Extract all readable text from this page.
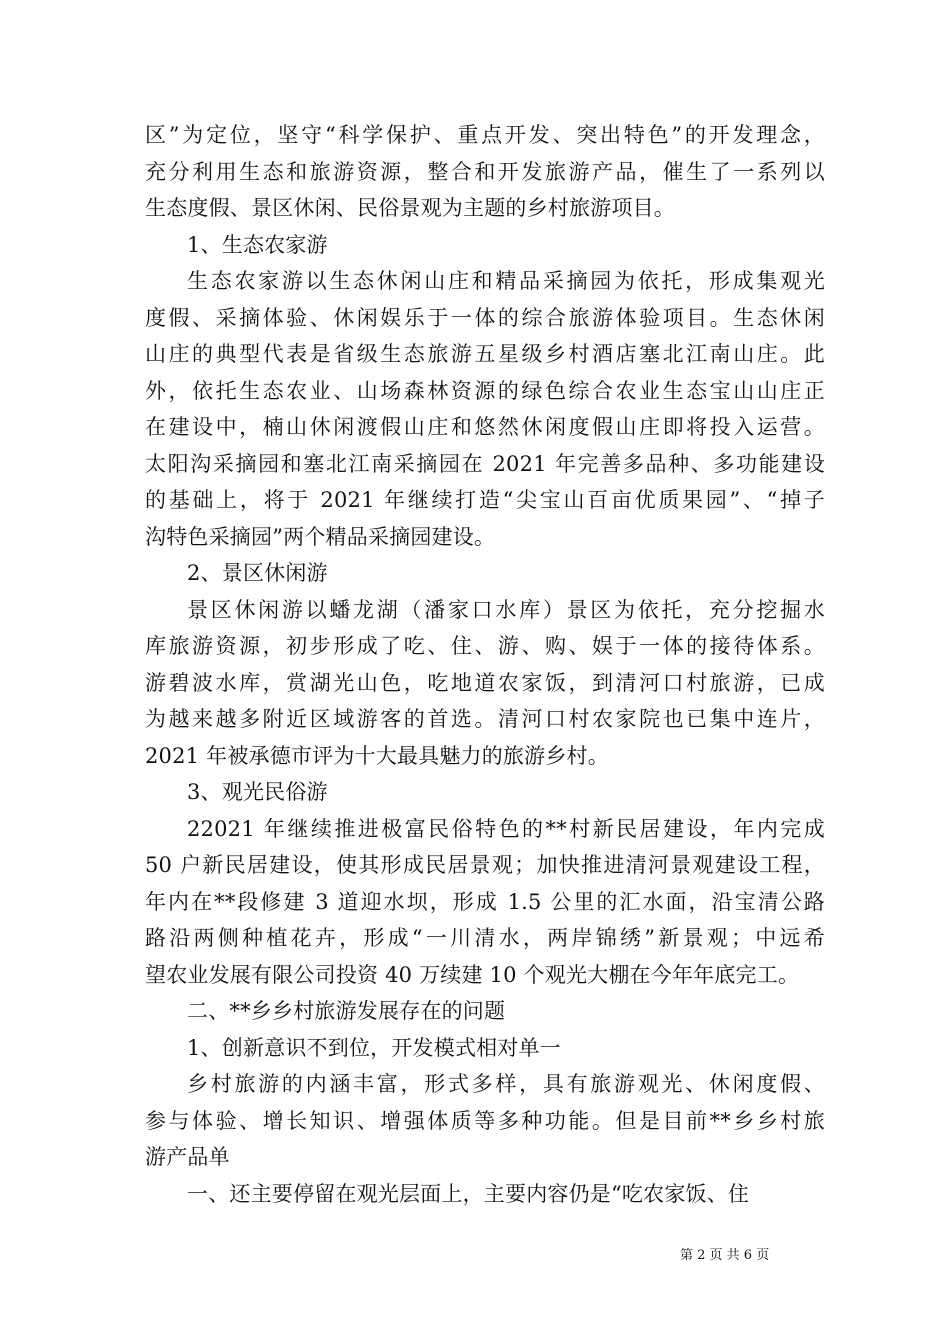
区”为定位，坚守“科学保护、重点开发、突出特色”的开发理念，
充分利用生态和旅游资源，整合和开发旅游产品，催生了一系列以
生态度假、景区休闲、民俗景观为主题的乡村旅游项目。
1、生态农家游
生态农家游以生态休闲山庄和精品采摘园为依托，形成集观光
度假、采摘体验、休闲娱乐于一体的综合旅游体验项目。生态休闲
山庄的典型代表是省级生态旅游五星级乡村酒店塞北江南山庄。此
外，依托生态农业、山场森林资源的绿色综合农业生态宝山山庄正
在建设中，楠山休闲渡假山庄和悠然休闲度假山庄即将投入运营。
太阳沟采摘园和塞北江南采摘园在 2021 年完善多品种、多功能建设
的基础上，将于 2021 年继续打造“尖宝山百亩优质果园”、“掉子
沟特色采摘园”两个精品采摘园建设。
2、景区休闲游
景区休闲游以蟠龙湖（潘家口水库）景区为依托，充分挖掘水
库旅游资源，初步形成了吃、住、游、购、娱于一体的接待体系。
游碧波水库，赏湖光山色，吃地道农家饭，到清河口村旅游，已成
为越来越多附近区域游客的首选。清河口村农家院也已集中连片，
2021 年被承德市评为十大最具魅力的旅游乡村。
3、观光民俗游
22021 年继续推进极富民俗特色的**村新民居建设，年内完成
50 户新民居建设，使其形成民居景观；加快推进清河景观建设工程，
年内在**段修建 3 道迎水坝，形成 1.5 公里的汇水面，沿宝清公路
路沿两侧种植花卉，形成“一川清水，两岸锦绣”新景观；中远希
望农业发展有限公司投资 40 万续建 10 个观光大棚在今年年底完工。
二、**乡乡村旅游发展存在的问题
1、创新意识不到位，开发模式相对单一
乡村旅游的内涵丰富，形式多样，具有旅游观光、休闲度假、
参与体验、增长知识、增强体质等多种功能。但是目前**乡乡村旅
游产品单
一、还主要停留在观光层面上，主要内容仍是“吃农家饭、住
第 2 页 共 6 页
